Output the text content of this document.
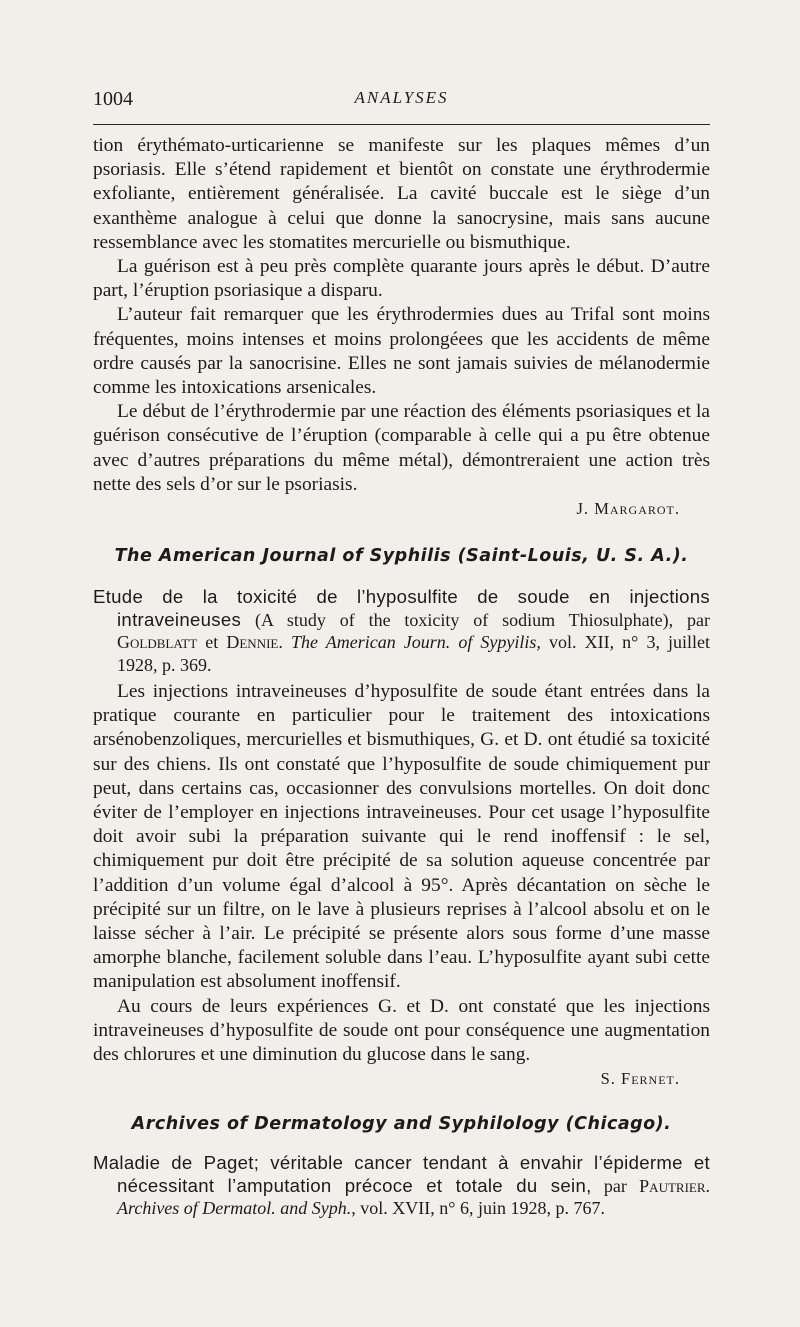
1004	ANALYSES

tion érythémato-urticarienne se manifeste sur les plaques mêmes d’un psoriasis. Elle s’étend rapidement et bientôt on constate une érythrodermie exfoliante, entièrement généralisée. La cavité buccale est le siège d’un exanthème analogue à celui que donne la sanocrysine, mais sans aucune ressemblance avec les stomatites mercurielle ou bismuthique.

La guérison est à peu près complète quarante jours après le début. D’autre part, l’éruption psoriasique a disparu.

L’auteur fait remarquer que les érythrodermies dues au Trifal sont moins fréquentes, moins intenses et moins prolongéees que les accidents de même ordre causés par la sanocrisine. Elles ne sont jamais suivies de mélanodermie comme les intoxications arsenicales.

Le début de l’érythrodermie par une réaction des éléments psoriasiques et la guérison consécutive de l’éruption (comparable à celle qui a pu être obtenue avec d’autres préparations du même métal), démontreraient une action très nette des sels d’or sur le psoriasis.

J. Margarot.
The American Journal of Syphilis (Saint-Louis, U. S. A.).
Etude de la toxicité de l’hyposulfite de soude en injections intraveineuses (A study of the toxicity of sodium Thiosulphate), par Goldblatt et Dennie. The American Journ. of Sypyilis, vol. XII, n° 3, juillet 1928, p. 369.

Les injections intraveineuses d’hyposulfite de soude étant entrées dans la pratique courante en particulier pour le traitement des intoxications arsénobenzoliques, mercurielles et bismuthiques, G. et D. ont étudié sa toxicité sur des chiens. Ils ont constaté que l’hyposulfite de soude chimiquement pur peut, dans certains cas, occasionner des convulsions mortelles. On doit donc éviter de l’employer en injections intraveineuses. Pour cet usage l’hyposulfite doit avoir subi la préparation suivante qui le rend inoffensif : le sel, chimiquement pur doit être précipité de sa solution aqueuse concentrée par l’addition d’un volume égal d’alcool à 95°. Après décantation on sèche le précipité sur un filtre, on le lave à plusieurs reprises à l’alcool absolu et on le laisse sécher à l’air. Le précipité se présente alors sous forme d’une masse amorphe blanche, facilement soluble dans l’eau. L’hyposulfite ayant subi cette manipulation est absolument inoffensif.

Au cours de leurs expériences G. et D. ont constaté que les injections intraveineuses d’hyposulfite de soude ont pour conséquence une augmentation des chlorures et une diminution du glucose dans le sang.

S. Fernet.
Archives of Dermatology and Syphilology (Chicago).
Maladie de Paget; véritable cancer tendant à envahir l’épiderme et nécessitant l’amputation précoce et totale du sein, par Pautrier. Archives of Dermatol. and Syph., vol. XVII, n° 6, juin 1928, p. 767.
